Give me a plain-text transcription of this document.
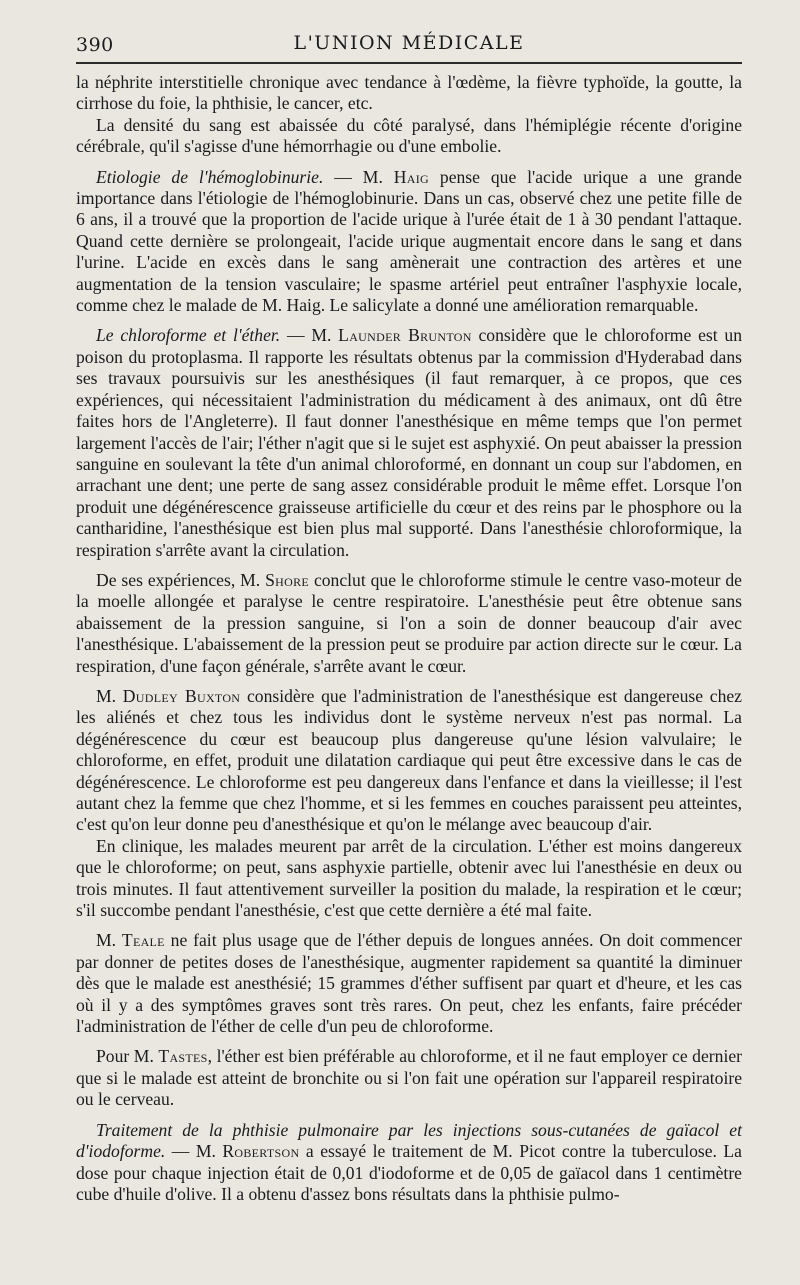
390	L'UNION MÉDICALE

la néphrite interstitielle chronique avec tendance à l'œdème, la fièvre typhoïde, la goutte, la cirrhose du foie, la phthisie, le cancer, etc.

La densité du sang est abaissée du côté paralysé, dans l'hémiplégie récente d'origine cérébrale, qu'il s'agisse d'une hémorrhagie ou d'une embolie.

Etiologie de l'hémoglobinurie. — M. Haig pense que l'acide urique a une grande importance dans l'étiologie de l'hémoglobinurie. Dans un cas, observé chez une petite fille de 6 ans, il a trouvé que la proportion de l'acide urique à l'urée était de 1 à 30 pendant l'attaque. Quand cette dernière se prolongeait, l'acide urique augmentait encore dans le sang et dans l'urine. L'acide en excès dans le sang amènerait une contraction des artères et une augmentation de la tension vasculaire; le spasme artériel peut entraîner l'asphyxie locale, comme chez le malade de M. Haig. Le salicylate a donné une amélioration remarquable.

Le chloroforme et l'éther. — M. Launder Brunton considère que le chloroforme est un poison du protoplasma. Il rapporte les résultats obtenus par la commission d'Hyderabad dans ses travaux poursuivis sur les anesthésiques (il faut remarquer, à ce propos, que ces expériences, qui nécessitaient l'administration du médicament à des animaux, ont dû être faites hors de l'Angleterre). Il faut donner l'anesthésique en même temps que l'on permet largement l'accès de l'air; l'éther n'agit que si le sujet est asphyxié. On peut abaisser la pression sanguine en soulevant la tête d'un animal chloroformé, en donnant un coup sur l'abdomen, en arrachant une dent; une perte de sang assez considérable produit le même effet. Lorsque l'on produit une dégénérescence graisseuse artificielle du cœur et des reins par le phosphore ou la cantharidine, l'anesthésique est bien plus mal supporté. Dans l'anesthésie chloroformique, la respiration s'arrête avant la circulation.

De ses expériences, M. Shore conclut que le chloroforme stimule le centre vaso-moteur de la moelle allongée et paralyse le centre respiratoire. L'anesthésie peut être obtenue sans abaissement de la pression sanguine, si l'on a soin de donner beaucoup d'air avec l'anesthésique. L'abaissement de la pression peut se produire par action directe sur le cœur. La respiration, d'une façon générale, s'arrête avant le cœur.

M. Dudley Buxton considère que l'administration de l'anesthésique est dangereuse chez les aliénés et chez tous les individus dont le système nerveux n'est pas normal. La dégénérescence du cœur est beaucoup plus dangereuse qu'une lésion valvulaire; le chloroforme, en effet, produit une dilatation cardiaque qui peut être excessive dans le cas de dégénérescence. Le chloroforme est peu dangereux dans l'enfance et dans la vieillesse; il l'est autant chez la femme que chez l'homme, et si les femmes en couches paraissent peu atteintes, c'est qu'on leur donne peu d'anesthésique et qu'on le mélange avec beaucoup d'air.

En clinique, les malades meurent par arrêt de la circulation. L'éther est moins dangereux que le chloroforme; on peut, sans asphyxie partielle, obtenir avec lui l'anesthésie en deux ou trois minutes. Il faut attentivement surveiller la position du malade, la respiration et le cœur; s'il succombe pendant l'anesthésie, c'est que cette dernière a été mal faite.

M. Teale ne fait plus usage que de l'éther depuis de longues années. On doit commencer par donner de petites doses de l'anesthésique, augmenter rapidement sa quantité la diminuer dès que le malade est anesthésié; 15 grammes d'éther suffisent par quart et d'heure, et les cas où il y a des symptômes graves sont très rares. On peut, chez les enfants, faire précéder l'administration de l'éther de celle d'un peu de chloroforme.

Pour M. Tastes, l'éther est bien préférable au chloroforme, et il ne faut employer ce dernier que si le malade est atteint de bronchite ou si l'on fait une opération sur l'appareil respiratoire ou le cerveau.

Traitement de la phthisie pulmonaire par les injections sous-cutanées de gaïacol et d'iodoforme. — M. Robertson a essayé le traitement de M. Picot contre la tuberculose. La dose pour chaque injection était de 0,01 d'iodoforme et de 0,05 de gaïacol dans 1 centimètre cube d'huile d'olive. Il a obtenu d'assez bons résultats dans la phthisie pulmo-
